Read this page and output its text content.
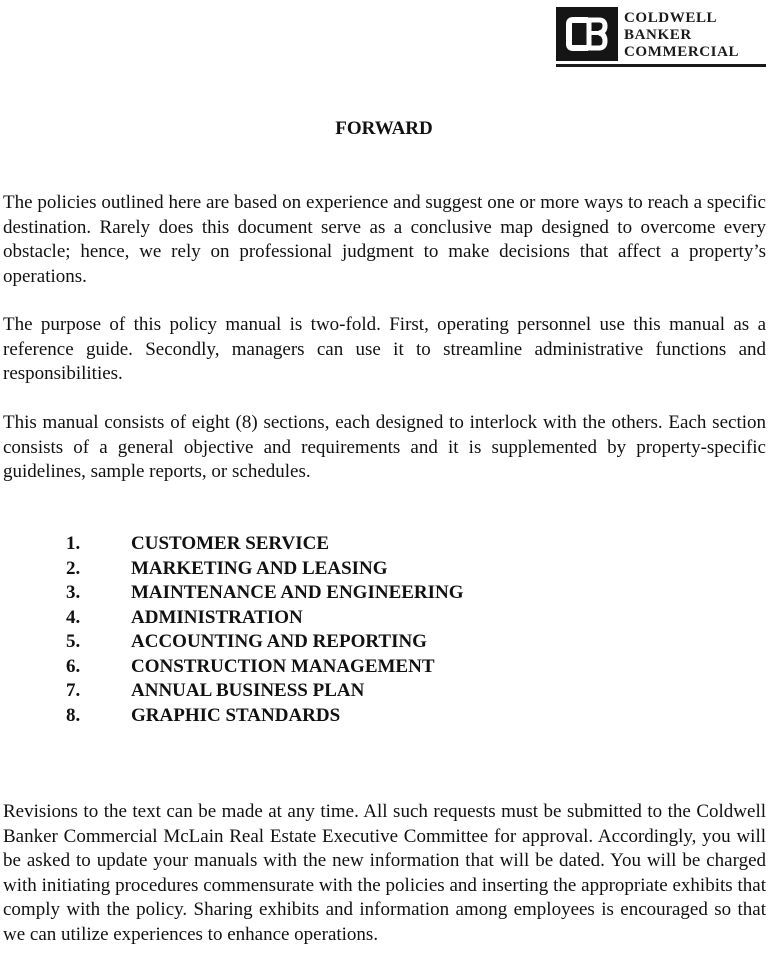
COLDWELL
BANKER
COMMERCIAL
FORWARD

The policies outlined here are based on experience and suggest one or more ways to reach a specific destination. Rarely does this document serve as a conclusive map designed to overcome every obstacle; hence, we rely on professional judgment to make decisions that affect a property’s operations.

The purpose of this policy manual is two-fold. First, operating personnel use this manual as a reference guide. Secondly, managers can use it to streamline administrative functions and responsibilities.

This manual consists of eight (8) sections, each designed to interlock with the others. Each section consists of a general objective and requirements and it is supplemented by property-specific guidelines, sample reports, or schedules.

1.	CUSTOMER SERVICE
2.	MARKETING AND LEASING
3.	MAINTENANCE AND ENGINEERING
4.	ADMINISTRATION
5.	ACCOUNTING AND REPORTING
6.	CONSTRUCTION MANAGEMENT
7.	ANNUAL BUSINESS PLAN
8.	GRAPHIC STANDARDS

Revisions to the text can be made at any time. All such requests must be submitted to the Coldwell Banker Commercial McLain Real Estate Executive Committee for approval. Accordingly, you will be asked to update your manuals with the new information that will be dated. You will be charged with initiating procedures commensurate with the policies and inserting the appropriate exhibits that comply with the policy. Sharing exhibits and information among employees is encouraged so that we can utilize experiences to enhance operations.
